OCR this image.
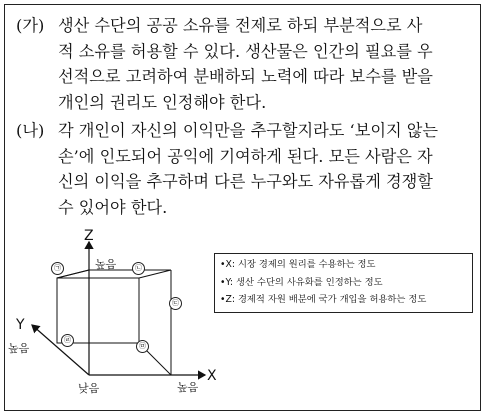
(가) 생산 수단의 공공 소유를 전제로 하되 부분적으로 사
적 소유를 허용할 수 있다. 생산물은 인간의 필요를 우
선적으로 고려하여 분배하되 노력에 따라 보수를 받을
개인의 권리도 인정해야 한다.
(나) 각 개인이 자신의 이익만을 추구할지라도 ‘보이지 않는
손’에 인도되어 공익에 기여하게 된다. 모든 사람은 자
신의 이익을 추구하며 다른 누구와도 자유롭게 경쟁할
수 있어야 한다.
Z
Y
X
높음
높음
높음
낮음
㉠	㉡
㉢
㉣
㉤
•X: 시장 경제의 원리를 수용하는 정도
•Y: 생산 수단의 사유화를 인정하는 정도
•Z: 경제적 자원 배분에 국가 개입을 허용하는 정도
